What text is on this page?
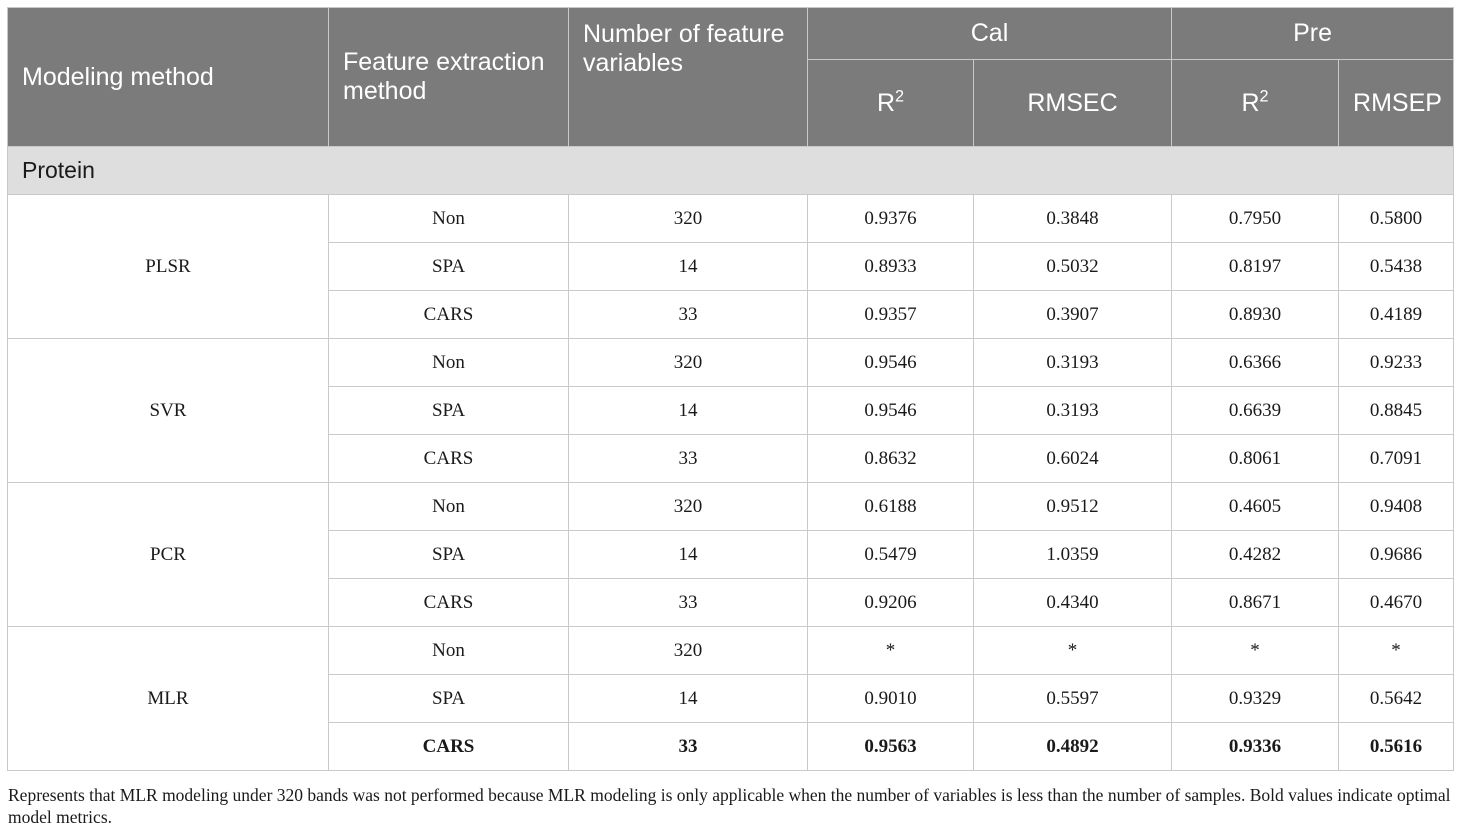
Modeling method	Feature extraction method	Number of feature variables	Cal		Pre	
			$R^2$	RMSEC	$R^2$	RMSEP
Protein						
PLSR	Non	320	0.9376	0.3848	0.7950	0.5800
	SPA	14	0.8933	0.5032	0.8197	0.5438
	CARS	33	0.9357	0.3907	0.8930	0.4189
SVR	Non	320	0.9546	0.3193	0.6366	0.9233
	SPA	14	0.9546	0.3193	0.6639	0.8845
	CARS	33	0.8632	0.6024	0.8061	0.7091
PCR	Non	320	0.6188	0.9512	0.4605	0.9408
	SPA	14	0.5479	1.0359	0.4282	0.9686
	CARS	33	0.9206	0.4340	0.8671	0.4670
MLR	Non	320	*	*	*	*
	SPA	14	0.9010	0.5597	0.9329	0.5642
	CARS	33	0.9563	0.4892	0.9336	0.5616
Represents that MLR modeling under 320 bands was not performed because MLR modeling is only applicable when the number of variables is less than the number of samples. Bold values indicate optimal model metrics.
